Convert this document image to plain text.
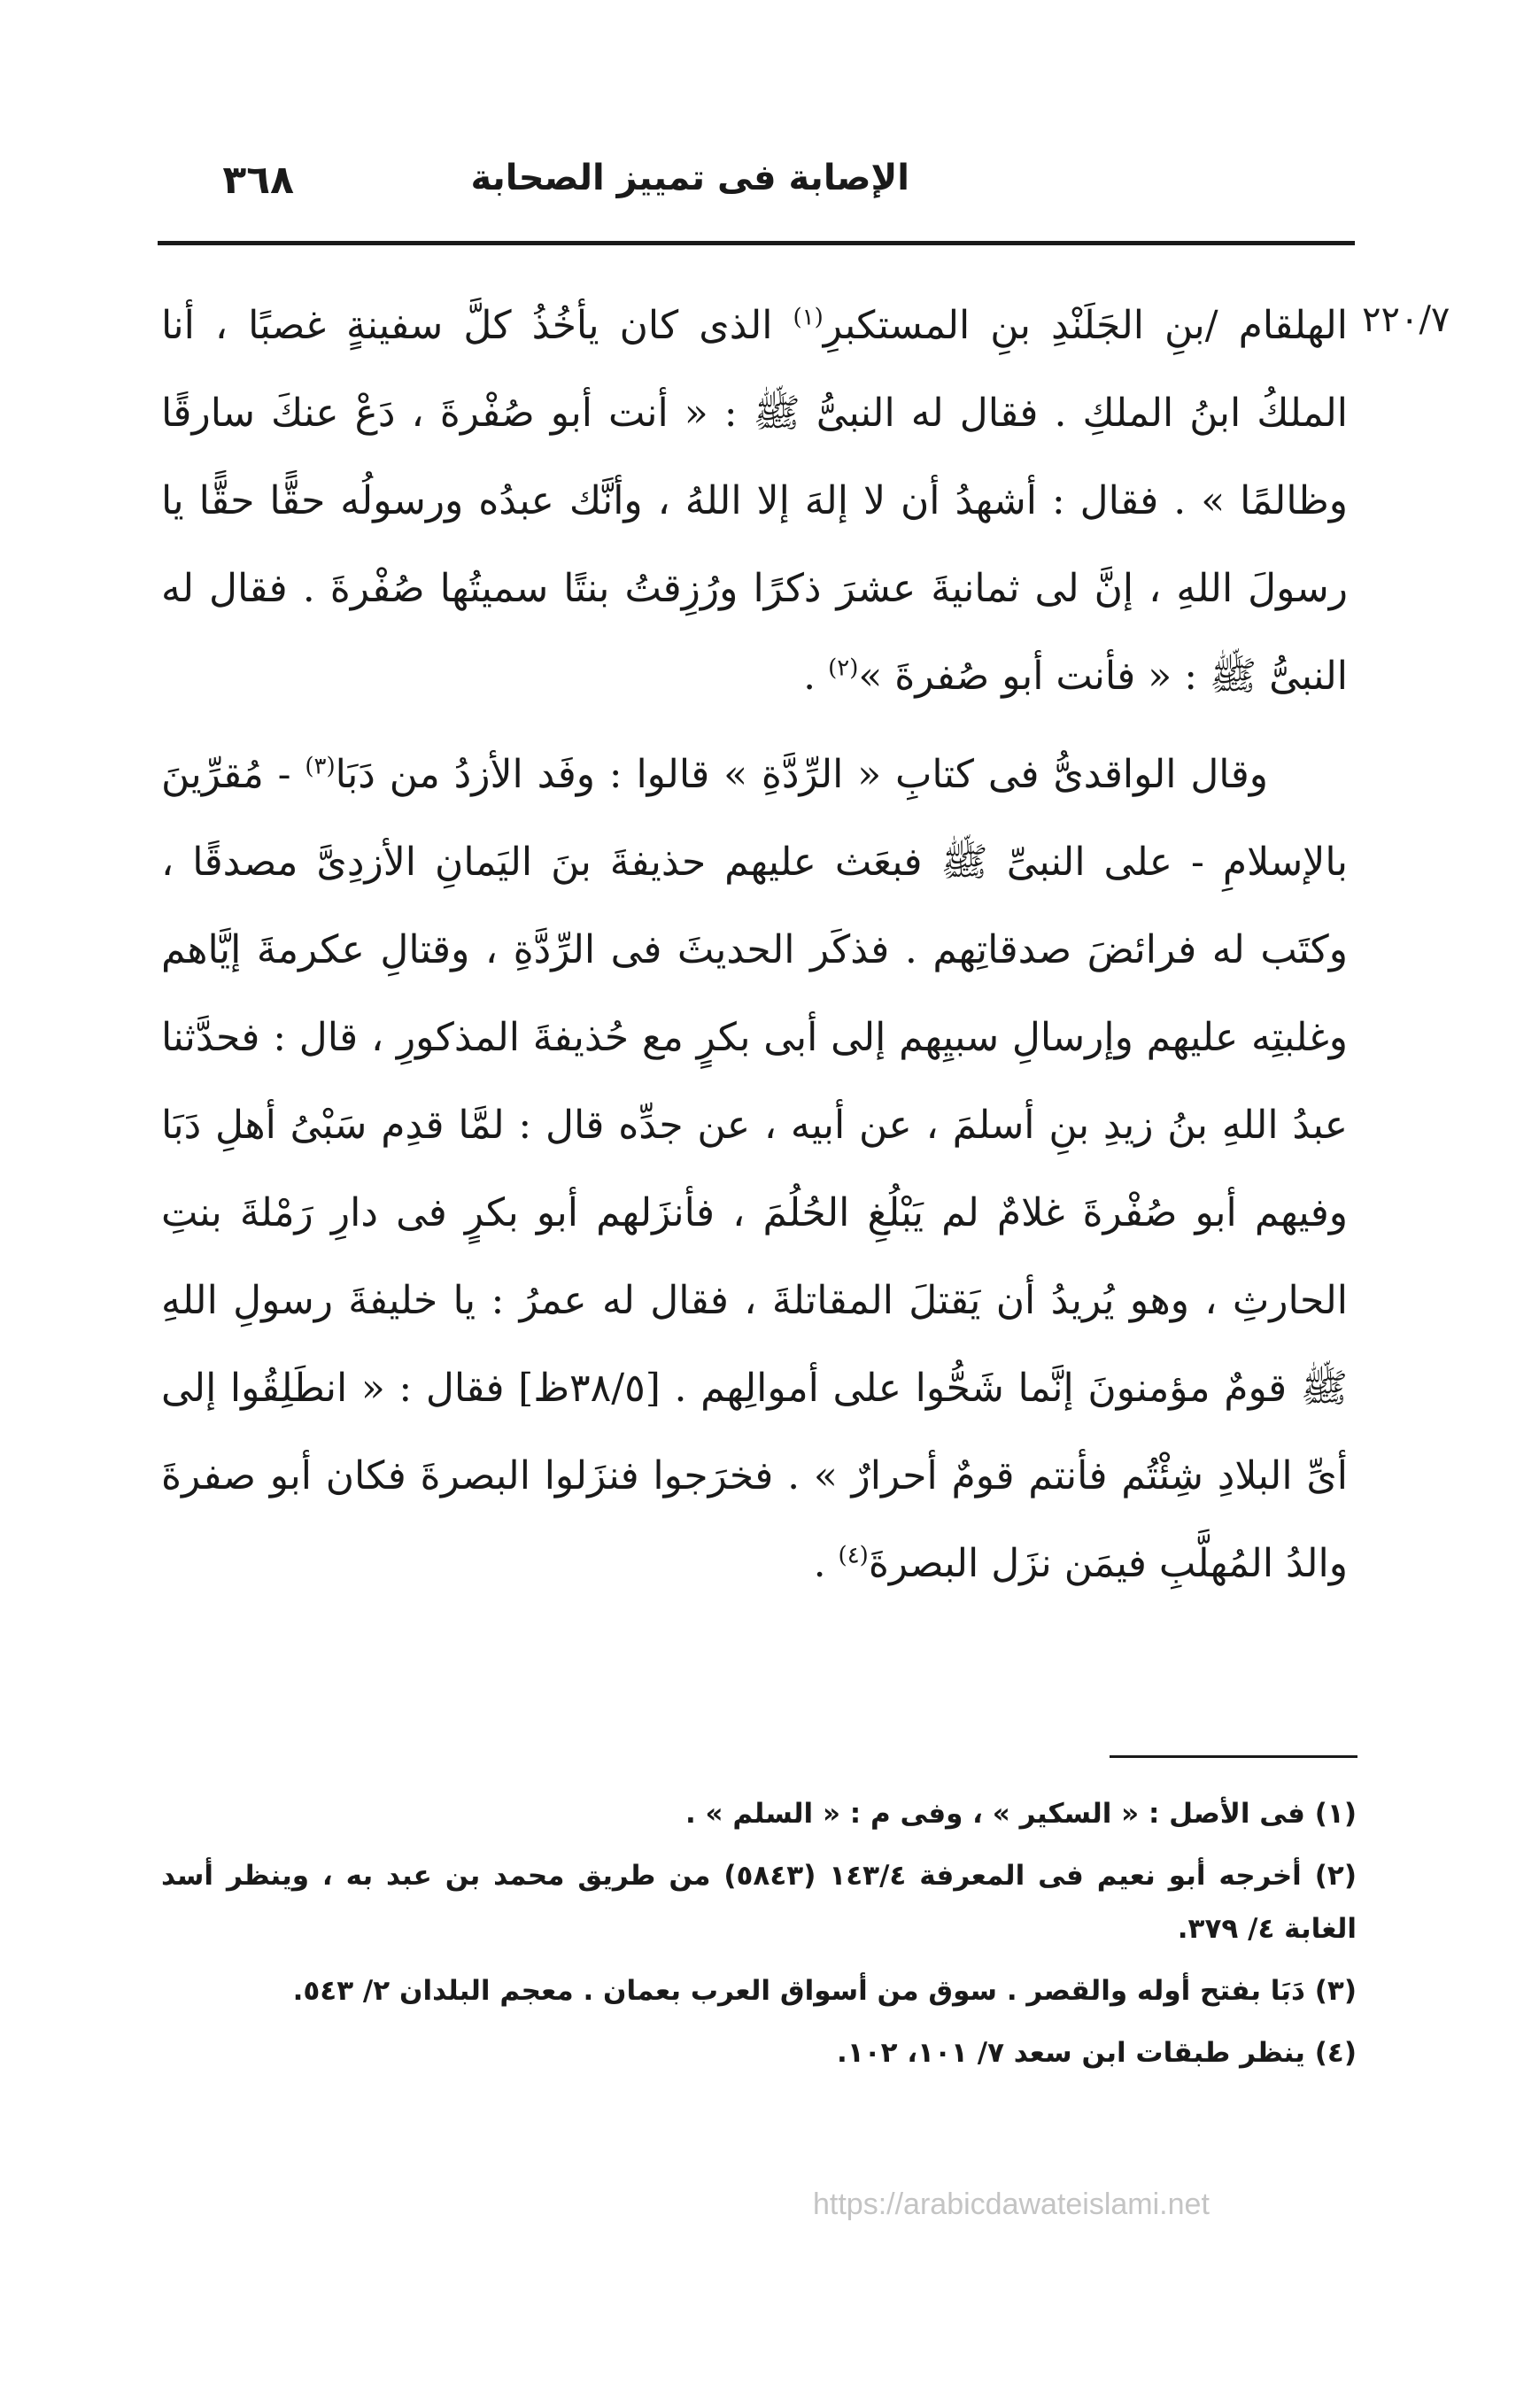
الإصابة فى تمييز الصحابة
٣٦٨
٢٢٠/٧

الهلقام /بنِ الجَلَنْدِ بنِ المستكبرِ$^{(١)}$ الذى كان يأخُذُ كلَّ سفينةٍ غصبًا ، أنا الملكُ ابنُ الملكِ . فقال له النبىُّ ﷺ : « أنت أبو صُفْرةَ ، دَعْ عنكَ سارقًا وظالمًا » . فقال : أشهدُ أن لا إلهَ إلا اللهُ ، وأنَّك عبدُه ورسولُه حقًّا حقًّا يا رسولَ اللهِ ، إنَّ لى ثمانيةَ عشرَ ذكرًا ورُزِقتُ بنتًا سميتُها صُفْرةَ . فقال له النبىُّ ﷺ : « فأنت أبو صُفرةَ »$^{(٢)}$ .

وقال الواقدىُّ فى كتابِ « الرِّدَّةِ » قالوا : وفَد الأزدُ من دَبَا$^{(٣)}$ - مُقرِّينَ بالإسلامِ - على النبىِّ ﷺ فبعَث عليهم حذيفةَ بنَ اليَمانِ الأزدِىَّ مصدقًا ، وكتَب له فرائضَ صدقاتِهم . فذكَر الحديثَ فى الرِّدَّةِ ، وقتالِ عكرمةَ إيَّاهم وغلبتِه عليهم وإرسالِ سبيِهم إلى أبى بكرٍ مع حُذيفةَ المذكورِ ، قال : فحدَّثنا عبدُ اللهِ بنُ زيدِ بنِ أسلمَ ، عن أبيه ، عن جدِّه قال : لمَّا قدِم سَبْىُ أهلِ دَبَا وفيهم أبو صُفْرةَ غلامٌ لم يَبْلُغِ الحُلُمَ ، فأنزَلهم أبو بكرٍ فى دارِ رَمْلةَ بنتِ الحارثِ ، وهو يُريدُ أن يَقتلَ المقاتلةَ ، فقال له عمرُ : يا خليفةَ رسولِ اللهِ ﷺ قومٌ مؤمنونَ إنَّما شَحُّوا على أموالِهم . [٣٨/٥ظ] فقال : « انطَلِقُوا إلى أىِّ البلادِ شِئْتُم فأنتم قومٌ أحرارٌ » . فخرَجوا فنزَلوا البصرةَ فكان أبو صفرةَ والدُ المُهلَّبِ فيمَن نزَل البصرةَ$^{(٤)}$ .

(١) فى الأصل : « السكير » ، وفى م : « السلم » .

(٢) أخرجه أبو نعيم فى المعرفة ١٤٣/٤ (٥٨٤٣) من طريق محمد بن عبد به ، وينظر أسد الغابة ٤/ ٣٧٩.

(٣) دَبَا بفتح أوله والقصر . سوق من أسواق العرب بعمان . معجم البلدان ٢/ ٥٤٣.

(٤) ينظر طبقات ابن سعد ٧/ ١٠١، ١٠٢.

https://arabicdawateislami.net
